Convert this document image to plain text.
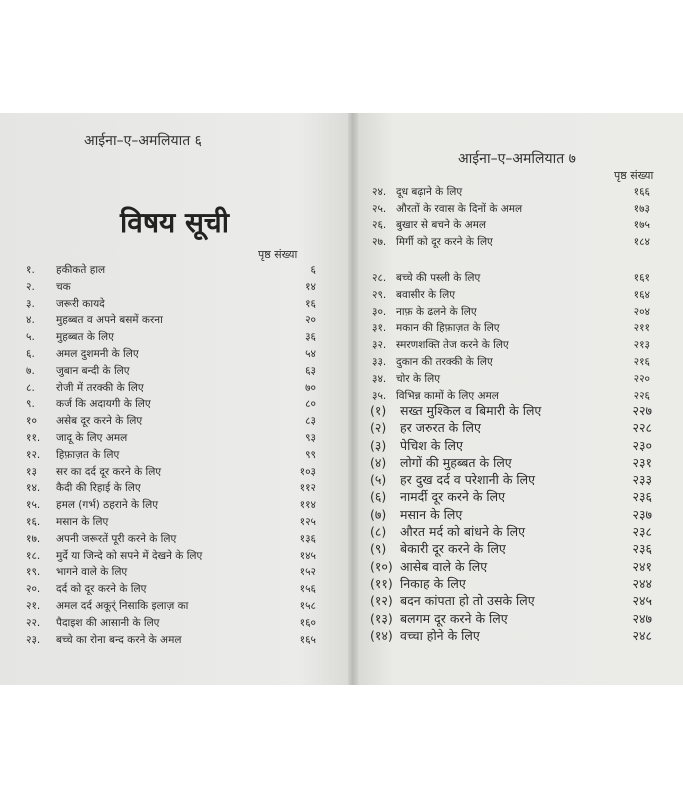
आईना–ए–अमलियात ६
विषय सूची
पृष्ठ संख्या
आईना–ए–अमलियात ७
पृष्ठ संख्या
१. हकीकते हाल	६
२. चक	१४
३. जरूरी कायदे	१६
४. मुहब्बत व अपने बसमें करना	२०
५. मुहब्बत के लिए	३६
६. अमल दुशमनी के लिए	५४
७. जुबान बन्दी के लिए	६३
८. रोजी में तरक्की के लिए	७०
९. कर्ज कि अदायगी के लिए	८०
१० असेब दूर करने के लिए	८३
११. जादू के लिए अमल	९३
१२. हिफ़ाज़त के लिए	९९
१३ सर का दर्द दूर करने के लिए	१०३
१४. कैदी की रिहाई के लिए	११२
१५. हमल (गर्भ) ठहराने के लिए	११४
१६. मसान के लिए	१२५
१७. अपनी जरूरतें पूरी करने के लिए	१३६
१८. मुर्दे या जिन्दे को सपने में देखने के लिए	१४५
१९. भागने वाले के लिए	१५२
२०. दर्द को दूर करने के लिए	१५६
२१. अमल दर्द अकूर्ं निसाकि इलाज़ का	१५८
२२. पैदाइश की आसानी के लिए	१६०
२३. बच्चे का रोना बन्द करने के अमल	१६५
२४. दूध बढ़ाने के लिए	१६६
२५. औरतों के रवास के दिनों के अमल	१७३
२६. बुखार से बचने के अमल	१७५
२७. मिर्गी को दूर करने के लिए	१८४
२८. बच्चे की पस्ली के लिए	१६१
२९. बवासीर के लिए	१६४
३०. नाफ़ के ढलने के लिए	२०४
३१. मकान की हिफ़ाज़त के लिए	२११
३२. स्मरणशक्ति तेज करने के लिए	२१३
३३. दुकान की तरक्की के लिए	२१६
३४. चोर के लिए	२२०
३५. विभिन्न कामों के लिए अमल	२२६
(१) सख्त मुश्किल व बिमारी के लिए	२२७
(२) हर जरुरत के लिए	२२८
(३) पेचिश के लिए	२३०
(४) लोगों की मुहब्बत के लिए	२३१
(५) हर दुख दर्द व परेशानी के लिए	२३३
(६) नामर्दी दूर करने के लिए	२३६
(७) मसान के लिए	२३७
(८) औरत मर्द को बांधने के लिए	२३८
(९) बेकारी दूर करने के लिए	२३६
(१०) आसेब वाले के लिए	२४१
(११) निकाह के लिए	२४४
(१२) बदन कांपता हो तो उसके लिए	२४५
(१३) बलगम दूर करने के लिए	२४७
(१४) वच्चा होने के लिए	२४८
